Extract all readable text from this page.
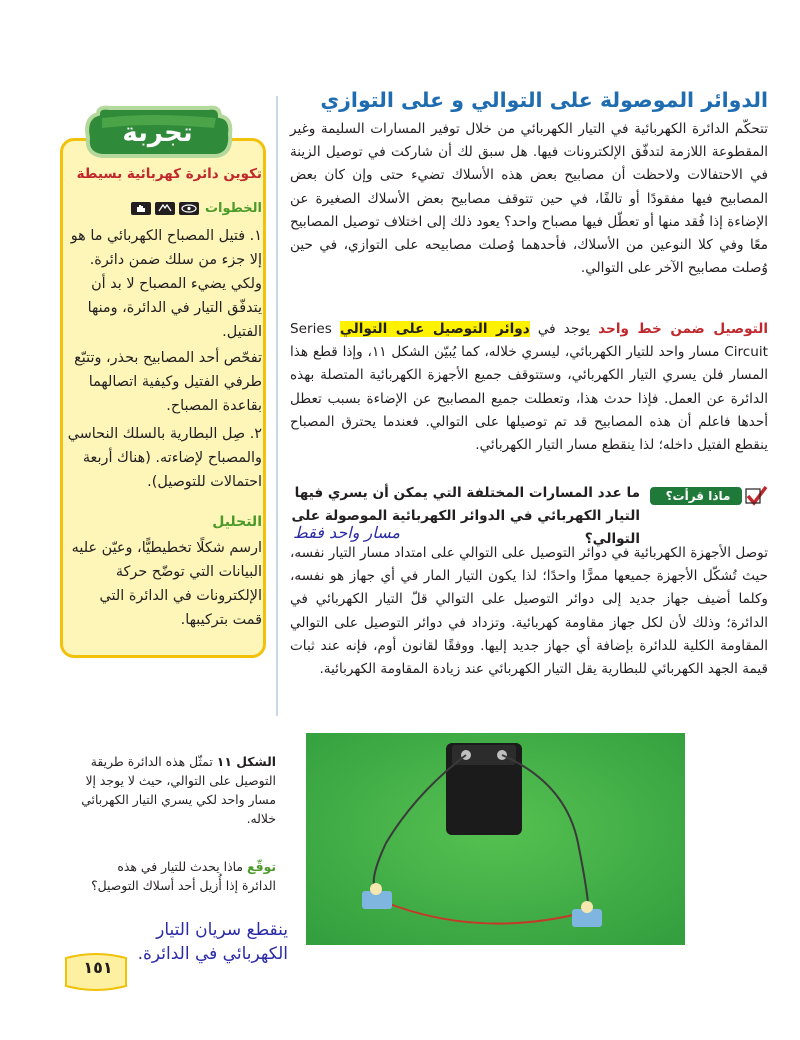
تجربة
تكوين دائرة كهربائية بسيطة
الخطوات
١. فتيل المصباح الكهربائي ما هو إلا جزء من سلك ضمن دائرة. ولكي يضيء المصباح لا بد أن يتدفّق التيار في الدائرة، ومنها الفتيل.
تفحّص أحد المصابيح بحذر، وتتبّع طرفي الفتيل وكيفية اتصالهما بقاعدة المصباح.
٢. صِل البطارية بالسلك النحاسي والمصباح لإضاءته. (هناك أربعة احتمالات للتوصيل).
التحليل
ارسم شكلًا تخطيطيًّا، وعيّن عليه البيانات التي توضّح حركة الإلكترونات في الدائرة التي قمت بتركيبها.
الدوائر الموصولة على التوالي و على التوازي
تتحكّم الدائرة الكهربائية في التيار الكهربائي من خلال توفير المسارات السليمة وغير المقطوعة اللازمة لتدفّق الإلكترونات فيها. هل سبق لك أن شاركت في توصيل الزينة في الاحتفالات ولاحظت أن مصابيح بعض هذه الأسلاك تضيء حتى وإن كان بعض المصابيح فيها مفقودًا أو تالفًا، في حين تتوقف مصابيح بعض الأسلاك الصغيرة عن الإضاءة إذا فُقد منها أو تعطّل فيها مصباح واحد؟ يعود ذلك إلى اختلاف توصيل المصابيح معًا وفي كلا النوعين من الأسلاك، فأحدهما وُصلت مصابيحه على التوازي، في حين وُصلت مصابيح الآخر على التوالي.
التوصيل ضمن خط واحد يوجد في دوائر التوصيل على التوالي Series Circuit مسار واحد للتيار الكهربائي، ليسري خلاله، كما يُبيّن الشكل ١١، وإذا قطع هذا المسار فلن يسري التيار الكهربائي، وستتوقف جميع الأجهزة الكهربائية المتصلة بهذه الدائرة عن العمل. فإذا حدث هذا، وتعطلت جميع المصابيح عن الإضاءة بسبب تعطل أحدها فاعلم أن هذه المصابيح قد تم توصيلها على التوالي. فعندما يحترق المصباح ينقطع الفتيل داخله؛ لذا ينقطع مسار التيار الكهربائي.
ماذا قرأت؟
ما عدد المسارات المختلفة التي يمكن أن يسري فيها التيار الكهربائي في الدوائر الكهربائية الموصولة على التوالي؟
مسار واحد فقط
توصل الأجهزة الكهربائية في دوائر التوصيل على التوالي على امتداد مسار التيار نفسه، حيث تُشكّل الأجهزة جميعها ممرًّا واحدًا؛ لذا يكون التيار المار في أي جهاز هو نفسه، وكلما أضيف جهاز جديد إلى دوائر التوصيل على التوالي قلّ التيار الكهربائي في الدائرة؛ وذلك لأن لكل جهاز مقاومة كهربائية. وتزداد في دوائر التوصيل على التوالي المقاومة الكلية للدائرة بإضافة أي جهاز جديد إليها. ووفقًا لقانون أوم، فإنه عند ثبات قيمة الجهد الكهربائي للبطارية يقل التيار الكهربائي عند زيادة المقاومة الكهربائية.
الشكل ١١ تمثّل هذه الدائرة طريقة التوصيل على التوالي، حيث لا يوجد إلا مسار واحد لكي يسري التيار الكهربائي خلاله.
توقّع ماذا يحدث للتيار في هذه الدائرة إذا أُزيل أحد أسلاك التوصيل؟
ينقطع سريان التيار الكهربائي في الدائرة.
١٥١
